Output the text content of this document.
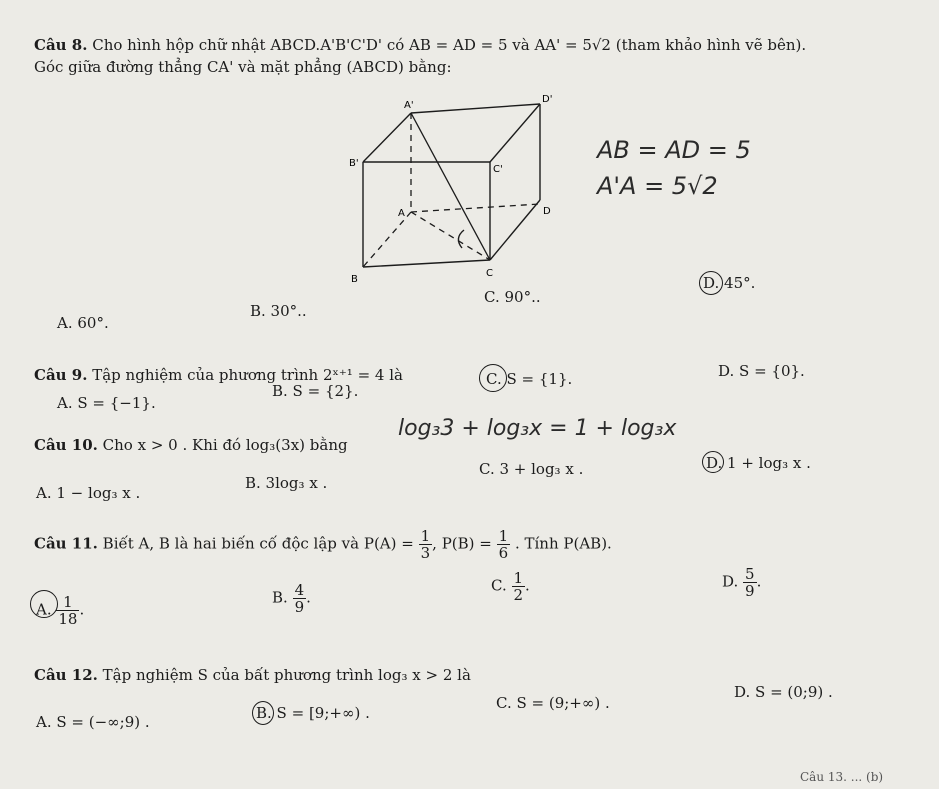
Câu 8. Cho hình hộp chữ nhật ABCD.A'B'C'D' có AB = AD = 5 và AA' = 5√2 (tham khảo hình vẽ bên).
Góc giữa đường thẳng CA' và mặt phẳng (ABCD) bằng:
A'
D'
B'
C'
A	D
B
C
AB = AD = 5
A'A = 5√2
A. 60°.
B. 30°..
C. 90°..
D. 45°.
Câu 9. Tập nghiệm của phương trình 2ˣ⁺¹ = 4 là
A. S = {−1}.
B. S = {2}.
C. S = {1}.	D. S = {0}.
Câu 10. Cho x > 0 . Khi đó log₃(3x) bằng
log₃3 + log₃x = 1 + log₃x
A. 1 − log₃ x .
B. 3log₃ x .
C. 3 + log₃ x .	D. 1 + log₃ x .
Câu 11. Biết A, B là hai biến cố độc lập và $P(A) = \frac{1}{3}$ , $P(B) = \frac{1}{6}$ . Tính P(AB).
A. $\frac{1}{18}$ .
B. $\frac{4}{9}$ .
C. $\frac{1}{2}$ .	D. $\frac{5}{9}$ .
Câu 12. Tập nghiệm S của bất phương trình log₃ x > 2 là
A. S = (−∞;9) .	B. S = [9;+∞) .
C. S = (9;+∞) .
D. S = (0;9) .
Câu 13. ... (b)
